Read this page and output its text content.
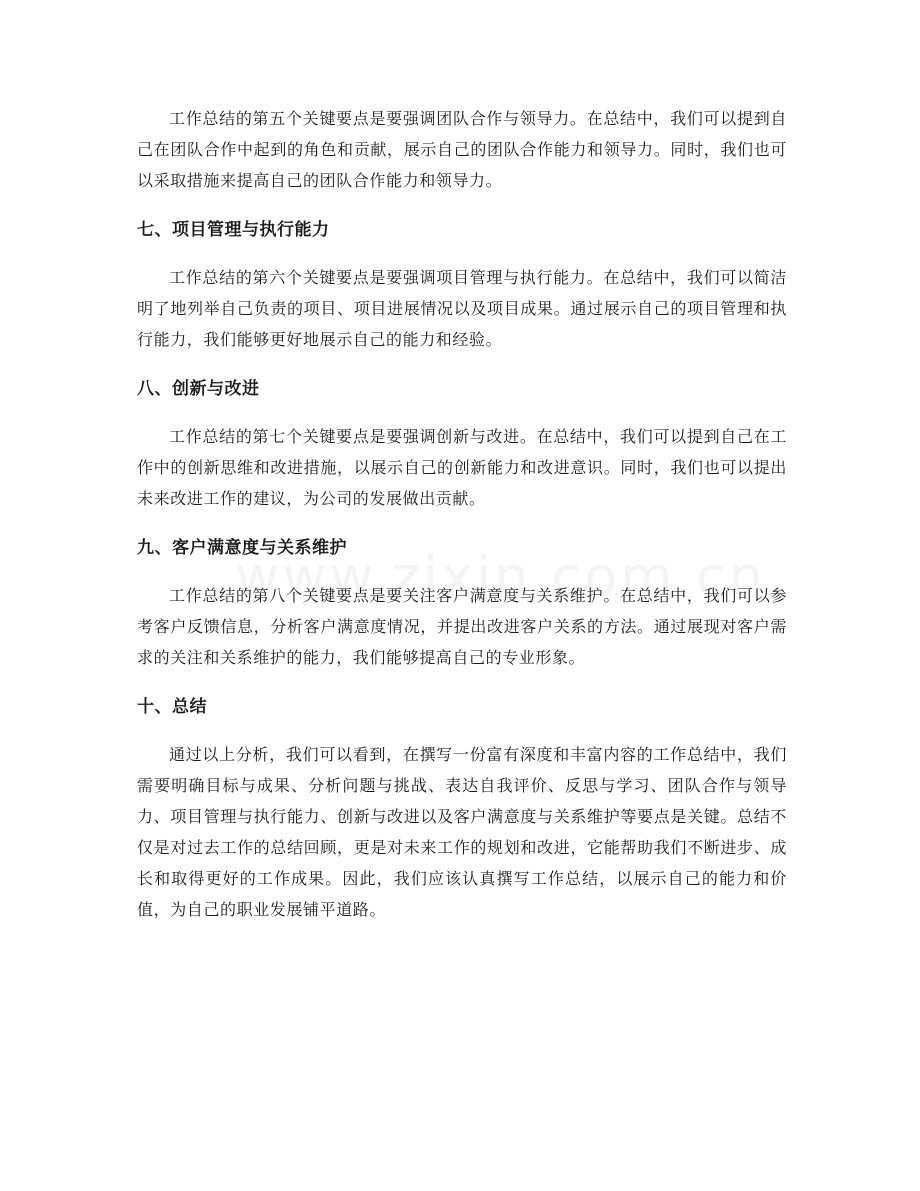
工作总结的第五个关键要点是要强调团队合作与领导力。在总结中，我们可以提到自己在团队合作中起到的角色和贡献，展示自己的团队合作能力和领导力。同时，我们也可以采取措施来提高自己的团队合作能力和领导力。

七、项目管理与执行能力

工作总结的第六个关键要点是要强调项目管理与执行能力。在总结中，我们可以简洁明了地列举自己负责的项目、项目进展情况以及项目成果。通过展示自己的项目管理和执行能力，我们能够更好地展示自己的能力和经验。

八、创新与改进

工作总结的第七个关键要点是要强调创新与改进。在总结中，我们可以提到自己在工作中的创新思维和改进措施，以展示自己的创新能力和改进意识。同时，我们也可以提出未来改进工作的建议，为公司的发展做出贡献。

九、客户满意度与关系维护

工作总结的第八个关键要点是要关注客户满意度与关系维护。在总结中，我们可以参考客户反馈信息，分析客户满意度情况，并提出改进客户关系的方法。通过展现对客户需求的关注和关系维护的能力，我们能够提高自己的专业形象。

十、总结

通过以上分析，我们可以看到，在撰写一份富有深度和丰富内容的工作总结中，我们需要明确目标与成果、分析问题与挑战、表达自我评价、反思与学习、团队合作与领导力、项目管理与执行能力、创新与改进以及客户满意度与关系维护等要点是关键。总结不仅是对过去工作的总结回顾，更是对未来工作的规划和改进，它能帮助我们不断进步、成长和取得更好的工作成果。因此，我们应该认真撰写工作总结，以展示自己的能力和价值，为自己的职业发展铺平道路。
